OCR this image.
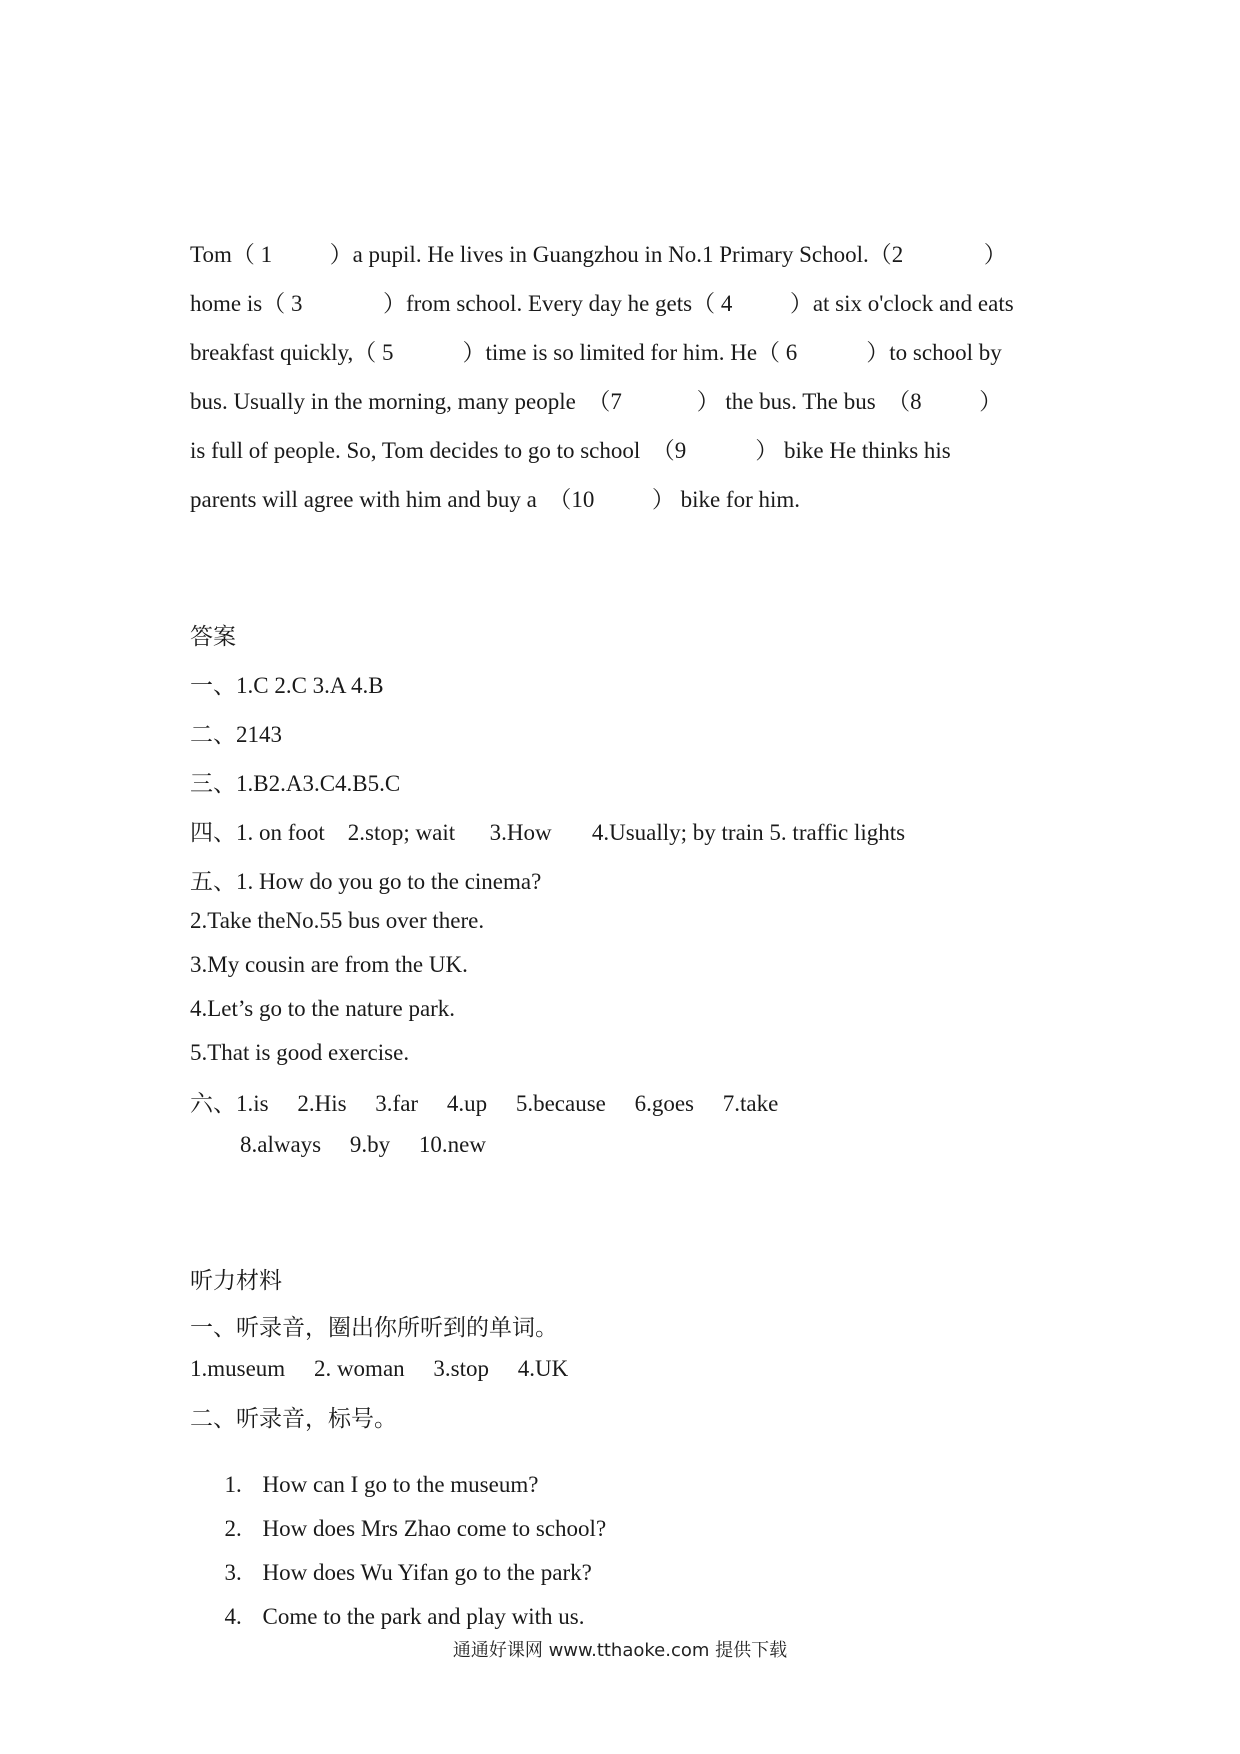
Tom（ 1          ）a pupil. He lives in Guangzhou in No.1 Primary School.（2              ）
home is（ 3              ）from school. Every day he gets（ 4          ）at six o'clock and eats
breakfast quickly,（ 5            ）time is so limited for him. He（ 6            ）to school by
bus. Usually in the morning, many people  （7             ） the bus. The bus  （8          ）
is full of people. So, Tom decides to go to school  （9            ） bike He thinks his
parents will agree with him and buy a  （10          ） bike for him.
答案
一、1.C 2.C 3.A 4.B
二、2143
三、1.B2.A3.C4.B5.C
四、1. on foot    2.stop; wait      3.How       4.Usually; by train 5. traffic lights
五、1. How do you go to the cinema?
2.Take theNo.55 bus over there.
3.My cousin are from the UK.
4.Let’s go to the nature park.
5.That is good exercise.
六、1.is     2.His     3.far     4.up     5.because     6.goes     7.take
8.always     9.by     10.new
听力材料
一、听录音，圈出你所听到的单词。
1.museum     2. woman     3.stop     4.UK
二、听录音，标号。

1. How can I go to the museum?

2. How does Mrs Zhao come to school?

3. How does Wu Yifan go to the park?

4. Come to the park and play with us.

通通好课网 www.tthaoke.com 提供下载
